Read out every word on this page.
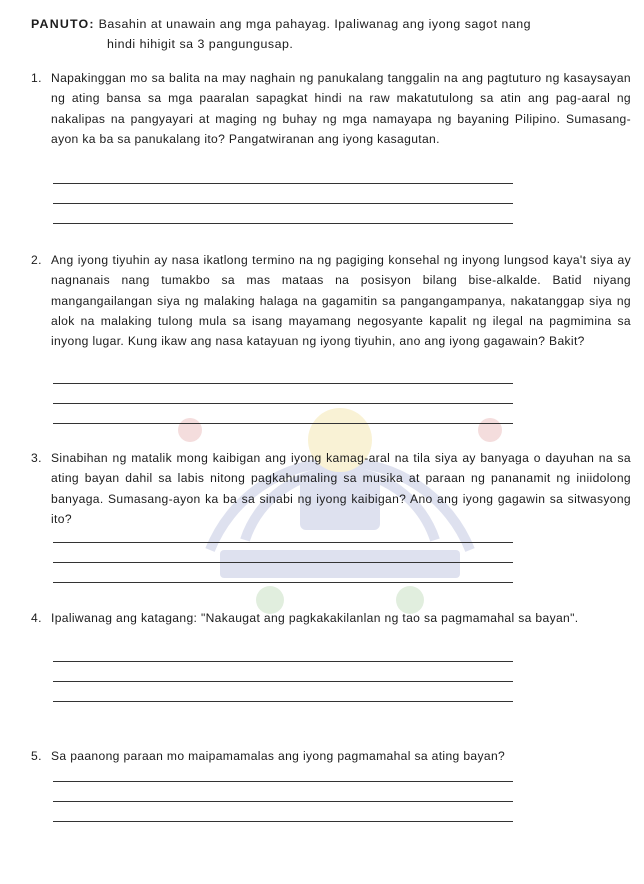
PANUTO: Basahin at unawain ang mga pahayag. Ipaliwanag ang iyong sagot nang
hindi hihigit sa 3 pangungusap.
1. Napakinggan mo sa balita na may naghain ng panukalang tanggalin na ang pagtuturo ng kasaysayan ng ating bansa sa mga paaralan sapagkat hindi na raw makatutulong sa atin ang pag-aaral ng nakalipas na pangyayari at maging ng buhay ng mga namayapa ng bayaning Pilipino. Sumasang-ayon ka ba sa panukalang ito? Pangatwiranan ang iyong kasagutan.
2. Ang iyong tiyuhin ay nasa ikatlong termino na ng pagiging konsehal ng inyong lungsod kaya't siya ay nagnanais nang tumakbo sa mas mataas na posisyon bilang bise-alkalde. Batid niyang mangangailangan siya ng malaking halaga na gagamitin sa pangangampanya, nakatanggap siya ng alok na malaking tulong mula sa isang mayamang negosyante kapalit ng ilegal na pagmimina sa inyong lugar. Kung ikaw ang nasa katayuan ng iyong tiyuhin, ano ang iyong gagawain? Bakit?
3. Sinabihan ng matalik mong kaibigan ang iyong kamag-aral na tila siya ay banyaga o dayuhan na sa ating bayan dahil sa labis nitong pagkahumaling sa musika at paraan ng pananamit ng iniidolong banyaga. Sumasang-ayon ka ba sa sinabi ng iyong kaibigan? Ano ang iyong gagawin sa sitwasyong ito?
4. Ipaliwanag ang katagang: "Nakaugat ang pagkakakilanlan ng tao sa pagmamahal sa bayan".
5. Sa paanong paraan mo maipamamalas ang iyong pagmamahal sa ating bayan?
